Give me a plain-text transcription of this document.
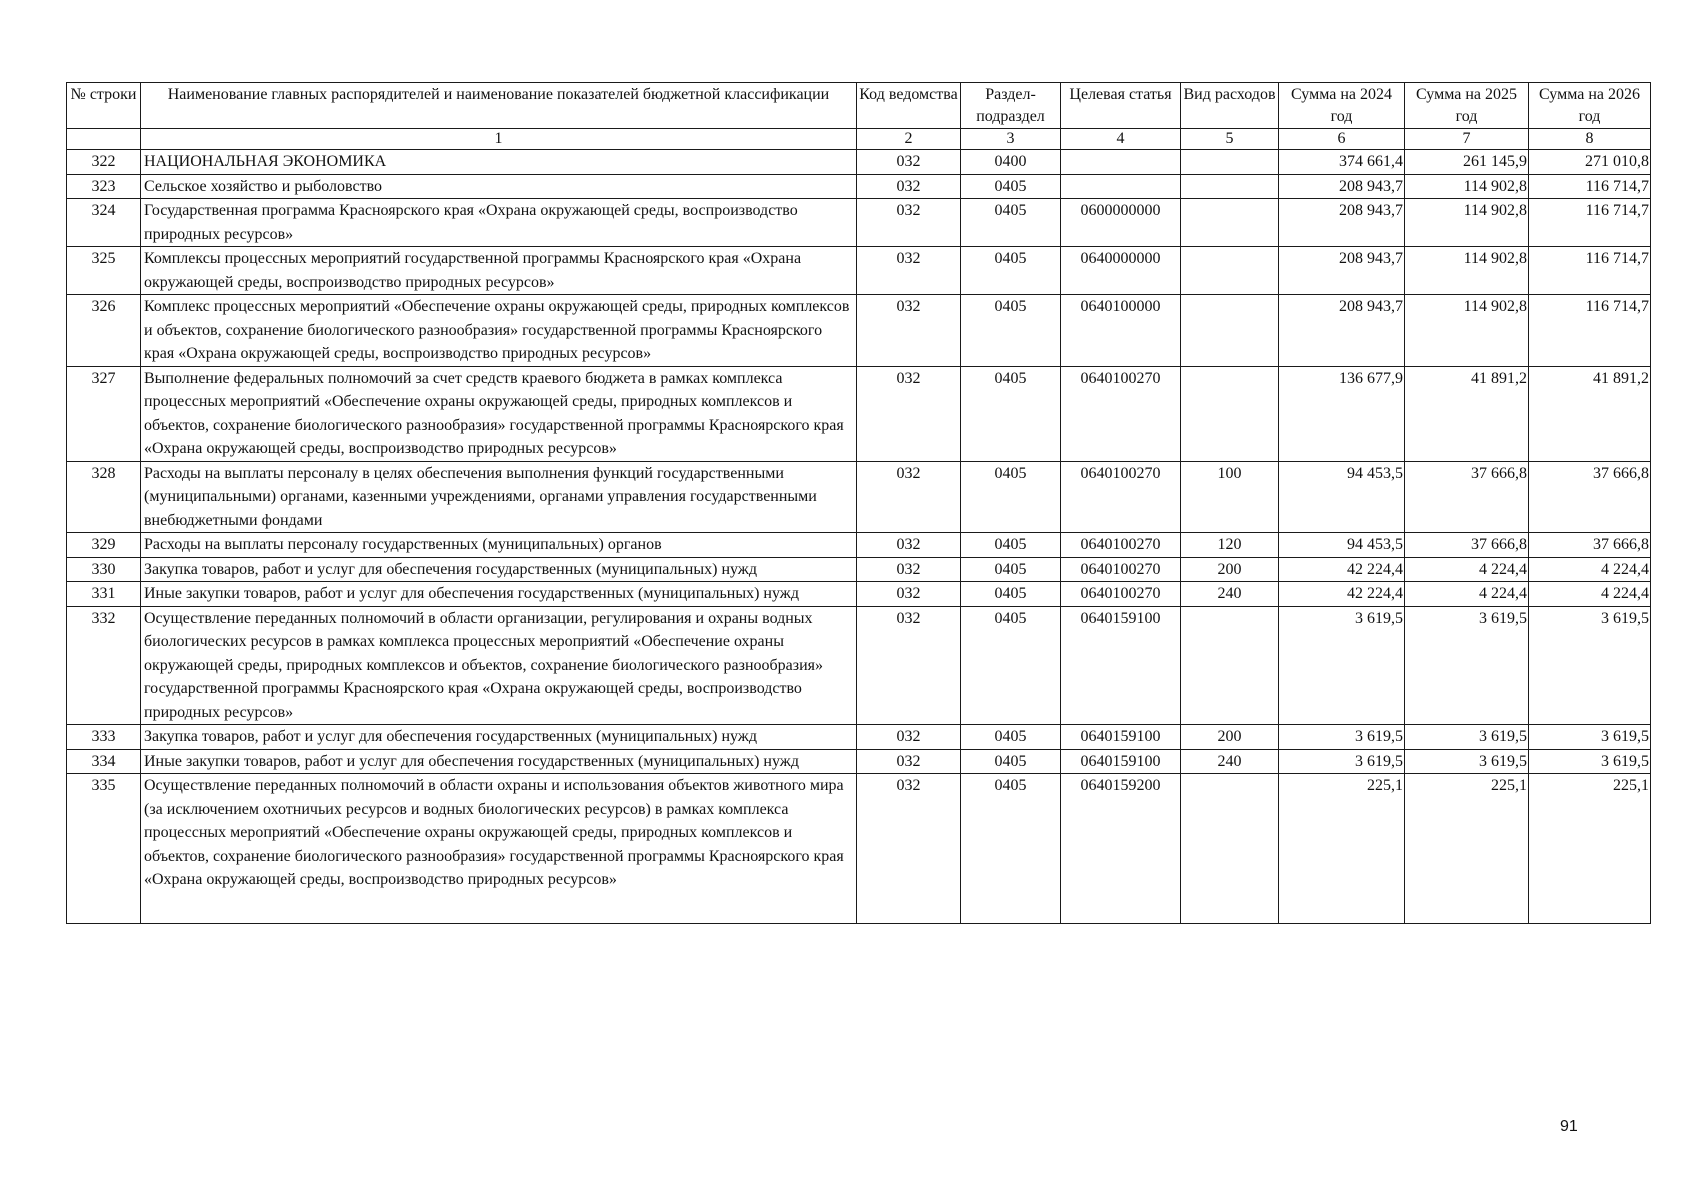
№ строки	Наименование главных распорядителей и наименование показателей бюджетной классификации	Код ведомства	Раздел-подраздел	Целевая статья	Вид расходов	Сумма на 2024 год	Сумма на 2025 год	Сумма на 2026 год
	1	2	3	4	5	6	7	8
322	НАЦИОНАЛЬНАЯ ЭКОНОМИКА	032	0400			374 661,4	261 145,9	271 010,8
323	Сельское хозяйство и рыболовство	032	0405			208 943,7	114 902,8	116 714,7
324	Государственная программа Красноярского края «Охрана окружающей среды, воспроизводство природных ресурсов»	032	0405	0600000000		208 943,7	114 902,8	116 714,7
325	Комплексы процессных мероприятий государственной программы Красноярского края «Охрана окружающей среды, воспроизводство природных ресурсов»	032	0405	0640000000		208 943,7	114 902,8	116 714,7
326	Комплекс процессных мероприятий «Обеспечение охраны окружающей среды, природных комплексов и объектов, сохранение биологического разнообразия» государственной программы Красноярского края «Охрана окружающей среды, воспроизводство природных ресурсов»	032	0405	0640100000		208 943,7	114 902,8	116 714,7
327	Выполнение федеральных полномочий за счет средств краевого бюджета в рамках комплекса процессных мероприятий «Обеспечение охраны окружающей среды, природных комплексов и объектов, сохранение биологического разнообразия» государственной программы Красноярского края «Охрана окружающей среды, воспроизводство природных ресурсов»	032	0405	0640100270		136 677,9	41 891,2	41 891,2
328	Расходы на выплаты персоналу в целях обеспечения выполнения функций государственными (муниципальными) органами, казенными учреждениями, органами управления государственными внебюджетными фондами	032	0405	0640100270	100	94 453,5	37 666,8	37 666,8
329	Расходы на выплаты персоналу государственных (муниципальных) органов	032	0405	0640100270	120	94 453,5	37 666,8	37 666,8
330	Закупка товаров, работ и услуг для обеспечения государственных (муниципальных) нужд	032	0405	0640100270	200	42 224,4	4 224,4	4 224,4
331	Иные закупки товаров, работ и услуг для обеспечения государственных (муниципальных) нужд	032	0405	0640100270	240	42 224,4	4 224,4	4 224,4
332	Осуществление переданных полномочий в области организации, регулирования и охраны водных биологических ресурсов в рамках комплекса процессных мероприятий «Обеспечение охраны окружающей среды, природных комплексов и объектов, сохранение биологического разнообразия» государственной программы Красноярского края «Охрана окружающей среды, воспроизводство природных ресурсов»	032	0405	0640159100		3 619,5	3 619,5	3 619,5
333	Закупка товаров, работ и услуг для обеспечения государственных (муниципальных) нужд	032	0405	0640159100	200	3 619,5	3 619,5	3 619,5
334	Иные закупки товаров, работ и услуг для обеспечения государственных (муниципальных) нужд	032	0405	0640159100	240	3 619,5	3 619,5	3 619,5
335	Осуществление переданных полномочий в области охраны и использования объектов животного мира (за исключением охотничьих ресурсов и водных биологических ресурсов) в рамках комплекса процессных мероприятий «Обеспечение охраны окружающей среды, природных комплексов и объектов, сохранение биологического разнообразия» государственной программы Красноярского края «Охрана окружающей среды, воспроизводство природных ресурсов»	032	0405	0640159200		225,1	225,1	225,1
91
